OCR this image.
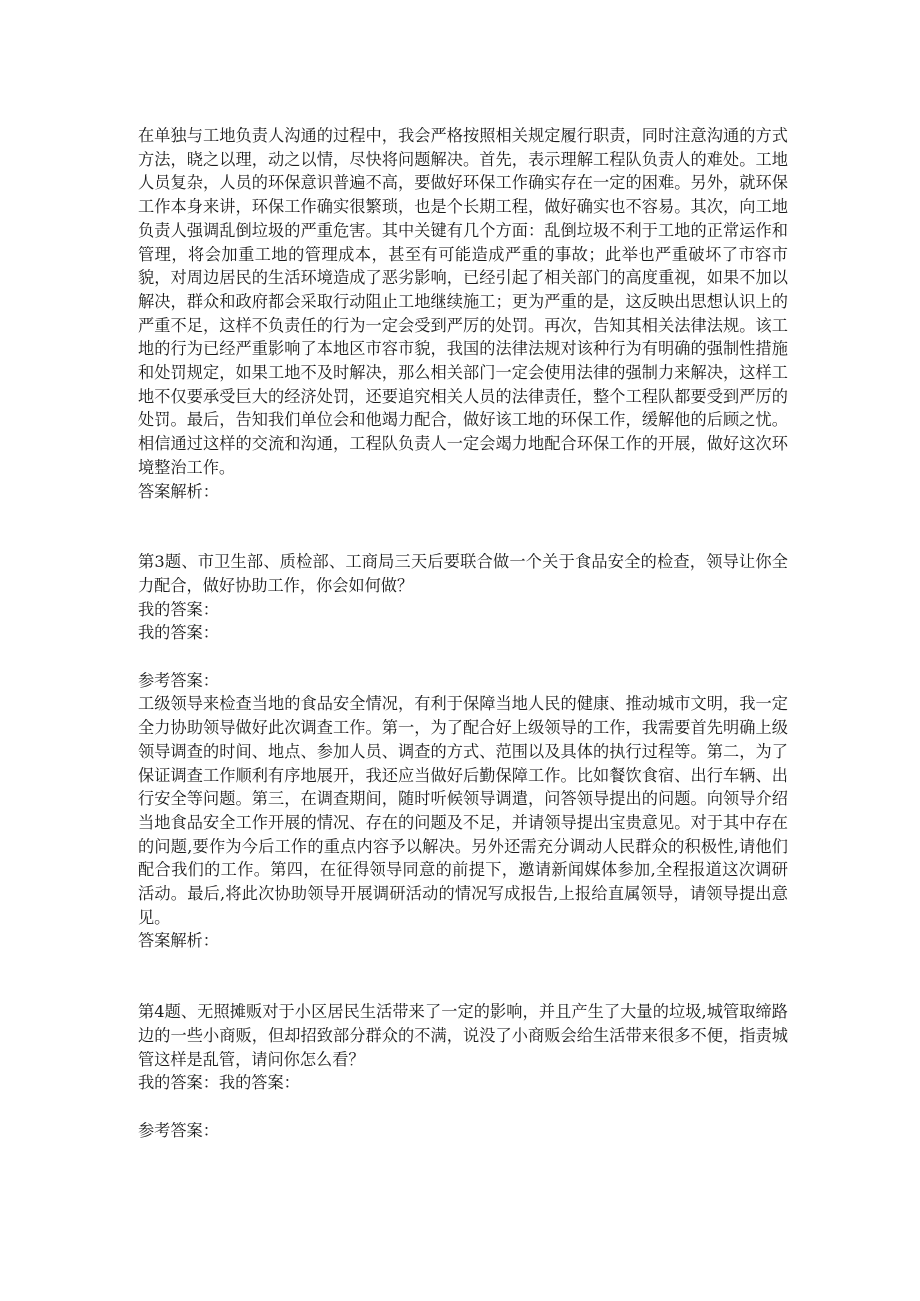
在单独与工地负责人沟通的过程中，我会严格按照相关规定履行职责，同时注意沟通的方式方法，晓之以理，动之以情，尽快将问题解决。首先，表示理解工程队负责人的难处。工地人员复杂，人员的环保意识普遍不高，要做好环保工作确实存在一定的困难。另外，就环保工作本身来讲，环保工作确实很繁琐，也是个长期工程，做好确实也不容易。其次，向工地负责人强调乱倒垃圾的严重危害。其中关键有几个方面：乱倒垃圾不利于工地的正常运作和管理，将会加重工地的管理成本，甚至有可能造成严重的事故；此举也严重破坏了市容市貌，对周边居民的生活环境造成了恶劣影响，已经引起了相关部门的高度重视，如果不加以解决，群众和政府都会采取行动阻止工地继续施工；更为严重的是，这反映出思想认识上的严重不足，这样不负责任的行为一定会受到严厉的处罚。再次，告知其相关法律法规。该工地的行为已经严重影响了本地区市容市貌，我国的法律法规对该种行为有明确的强制性措施和处罚规定，如果工地不及时解决，那么相关部门一定会使用法律的强制力来解决，这样工地不仅要承受巨大的经济处罚，还要追究相关人员的法律责任，整个工程队都要受到严厉的处罚。最后，告知我们单位会和他竭力配合，做好该工地的环保工作，缓解他的后顾之忧。相信通过这样的交流和沟通，工程队负责人一定会竭力地配合环保工作的开展，做好这次环境整治工作。

答案解析：

第3题、市卫生部、质检部、工商局三天后要联合做一个关于食品安全的检查，领导让你全力配合，做好协助工作，你会如何做？

我的答案：
我的答案：
参考答案：

工级领导来检查当地的食品安全情况，有利于保障当地人民的健康、推动城市文明，我一定全力协助领导做好此次调查工作。第一，为了配合好上级领导的工作，我需要首先明确上级领导调查的时间、地点、参加人员、调查的方式、范围以及具体的执行过程等。第二，为了保证调查工作顺利有序地展开，我还应当做好后勤保障工作。比如餐饮食宿、出行车辆、出行安全等问题。第三，在调查期间，随时听候领导调遣，问答领导提出的问题。向领导介绍当地食品安全工作开展的情况、存在的问题及不足，并请领导提出宝贵意见。对于其中存在的问题,要作为今后工作的重点内容予以解决。另外还需充分调动人民群众的积极性,请他们配合我们的工作。第四，在征得领导同意的前提下，邀请新闻媒体参加,全程报道这次调研活动。最后,将此次协助领导开展调研活动的情况写成报告,上报给直属领导，请领导提出意见。

答案解析：

第4题、无照摊贩对于小区居民生活带来了一定的影响，并且产生了大量的垃圾,城管取缔路边的一些小商贩，但却招致部分群众的不满，说没了小商贩会给生活带来很多不便，指责城管这样是乱管，请问你怎么看？

我的答案：我的答案：
参考答案：
